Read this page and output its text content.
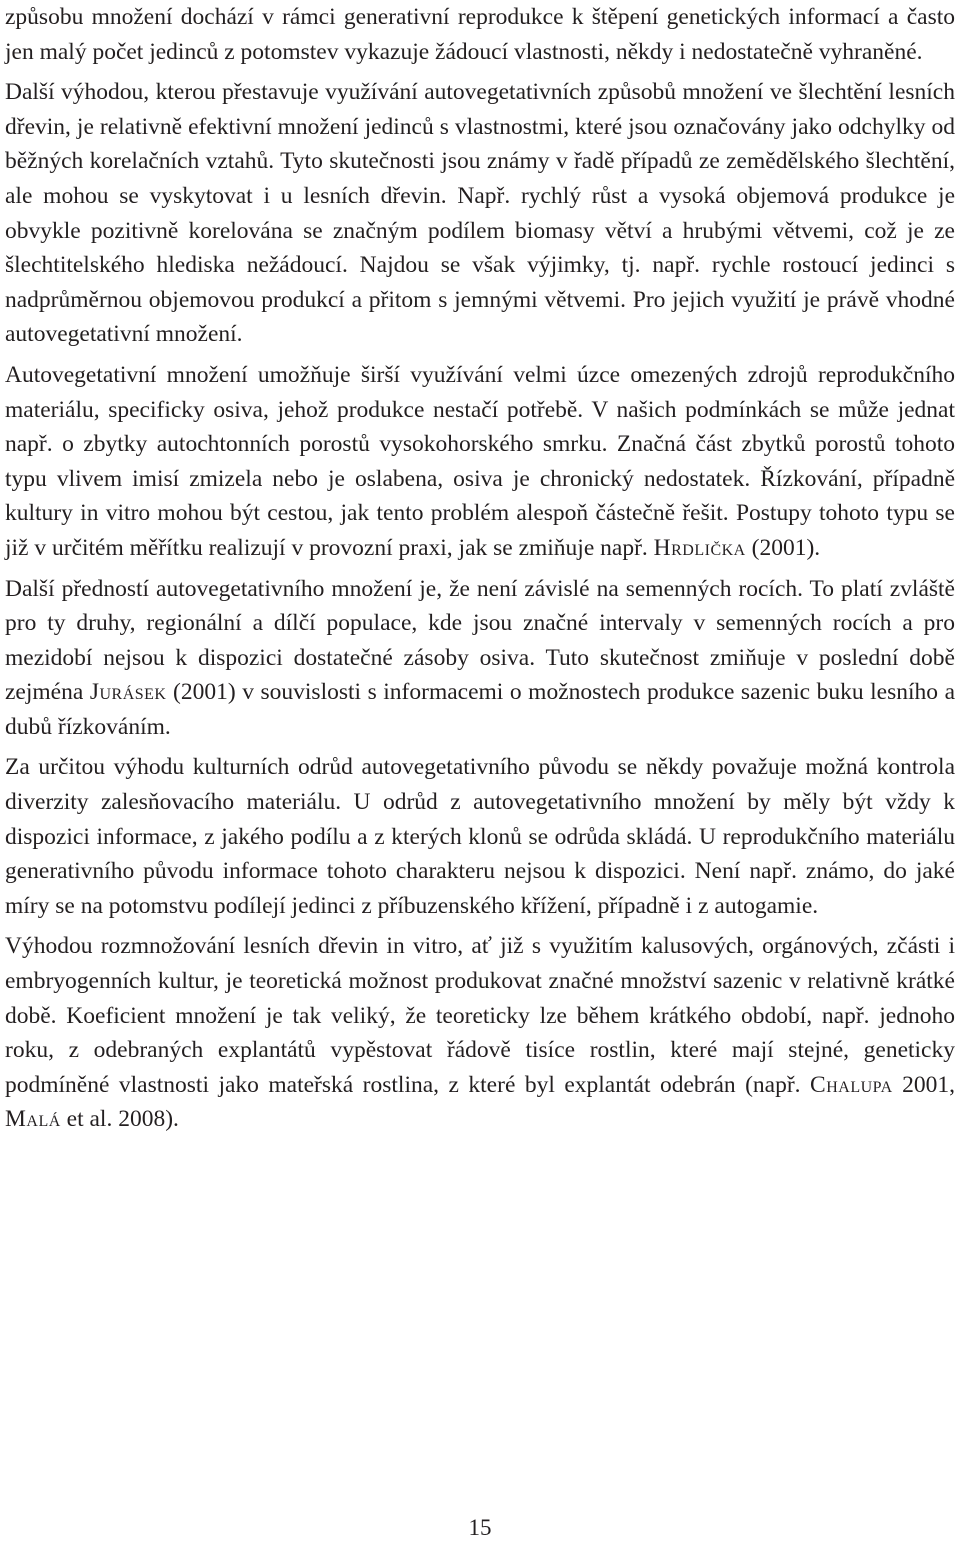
způsobu množení dochází v rámci generativní reprodukce k štěpení genetických informací a často jen malý počet jedinců z potomstev vykazuje žádoucí vlastnosti, někdy i nedostatečně vyhraněné.

Další výhodou, kterou přestavuje využívání autovegetativních způsobů množení ve šlechtění lesních dřevin, je relativně efektivní množení jedinců s vlastnostmi, které jsou označovány jako odchylky od běžných korelačních vztahů. Tyto skutečnosti jsou známy v řadě případů ze zemědělského šlechtění, ale mohou se vyskytovat i u lesních dřevin. Např. rychlý růst a vysoká objemová produkce je obvykle pozitivně korelována se značným podílem biomasy větví a hrubými větvemi, což je ze šlechtitelského hlediska nežádoucí. Najdou se však výjimky, tj. např. rychle rostoucí jedinci s nadprůměrnou objemovou produkcí a přitom s jemnými větvemi. Pro jejich využití je právě vhodné autovegetativní množení.

Autovegetativní množení umožňuje širší využívání velmi úzce omezených zdrojů reprodukčního materiálu, specificky osiva, jehož produkce nestačí potřebě. V našich podmínkách se může jednat např. o zbytky autochtonních porostů vysokohorského smrku. Značná část zbytků porostů tohoto typu vlivem imisí zmizela nebo je oslabena, osiva je chronický nedostatek. Řízkování, případně kultury in vitro mohou být cestou, jak tento problém alespoň částečně řešit. Postupy tohoto typu se již v určitém měřítku realizují v provozní praxi, jak se zmiňuje např. Hrdlička (2001).

Další předností autovegetativního množení je, že není závislé na semenných rocích. To platí zvláště pro ty druhy, regionální a dílčí populace, kde jsou značné intervaly v semenných rocích a pro mezidobí nejsou k dispozici dostatečné zásoby osiva. Tuto skutečnost zmiňuje v poslední době zejména Jurásek (2001) v souvislosti s informacemi o možnostech produkce sazenic buku lesního a dubů řízkováním.

Za určitou výhodu kulturních odrůd autovegetativního původu se někdy považuje možná kontrola diverzity zalesňovacího materiálu. U odrůd z autovegetativního množení by měly být vždy k dispozici informace, z jakého podílu a z kterých klonů se odrůda skládá. U reprodukčního materiálu generativního původu informace tohoto charakteru nejsou k dispozici. Není např. známo, do jaké míry se na potomstvu podílejí jedinci z příbuzenského křížení, případně i z autogamie.

Výhodou rozmnožování lesních dřevin in vitro, ať již s využitím kalusových, orgánových, zčásti i embryogenních kultur, je teoretická možnost produkovat značné množství sazenic v relativně krátké době. Koeficient množení je tak veliký, že teoreticky lze během krátkého období, např. jednoho roku, z odebraných explantátů vypěstovat řádově tisíce rostlin, které mají stejné, geneticky podmíněné vlastnosti jako mateřská rostlina, z které byl explantát odebrán (např. Chalupa 2001, Malá et al. 2008).

15
